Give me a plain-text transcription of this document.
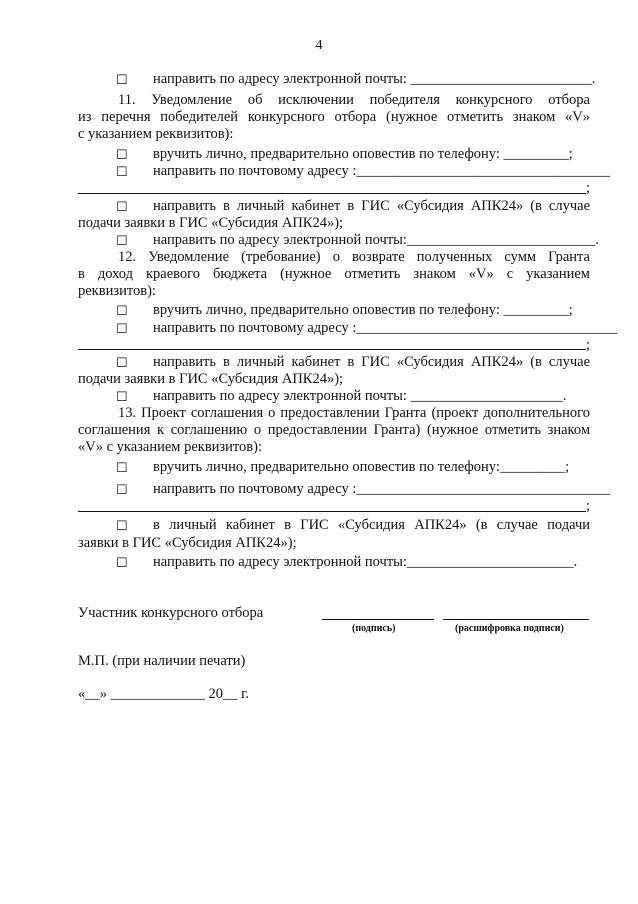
4
☐ направить по адресу электронной почты: _________________________.
11. Уведомление об исключении победителя конкурсного отбора
из перечня победителей конкурсного отбора (нужное отметить знаком «V»
с указанием реквизитов):
☐ вручить лично, предварительно оповестив по телефону: _________;
☐ направить по почтовому адресу :___________________________________
;
☐ направить в личный кабинет в ГИС «Субсидия АПК24» (в случае
подачи заявки в ГИС «Субсидия АПК24»);
☐ направить по адресу электронной почты:__________________________.
12. Уведомление (требование) о возврате полученных сумм Гранта
в доход краевого бюджета (нужное отметить знаком «V» с указанием
реквизитов):
☐ вручить лично, предварительно оповестив по телефону: _________;
☐ направить по почтовому адресу :____________________________________
;
☐ направить в личный кабинет в ГИС «Субсидия АПК24» (в случае
подачи заявки в ГИС «Субсидия АПК24»);
☐ направить по адресу электронной почты: _____________________.
13. Проект соглашения о предоставлении Гранта (проект дополнительного
соглашения к соглашению о предоставлении Гранта) (нужное отметить знаком
«V» с указанием реквизитов):
☐ вручить лично, предварительно оповестив по телефону:_________;
☐ направить по почтовому адресу :___________________________________
;
☐ в личный кабинет в ГИС «Субсидия АПК24» (в случае подачи
заявки в ГИС «Субсидия АПК24»);
☐ направить по адресу электронной почты:_______________________.
Участник конкурсного отбора
(подпись)	(расшифровка подписи)
М.П. (при наличии печати)
«__» _____________ 20__ г.
